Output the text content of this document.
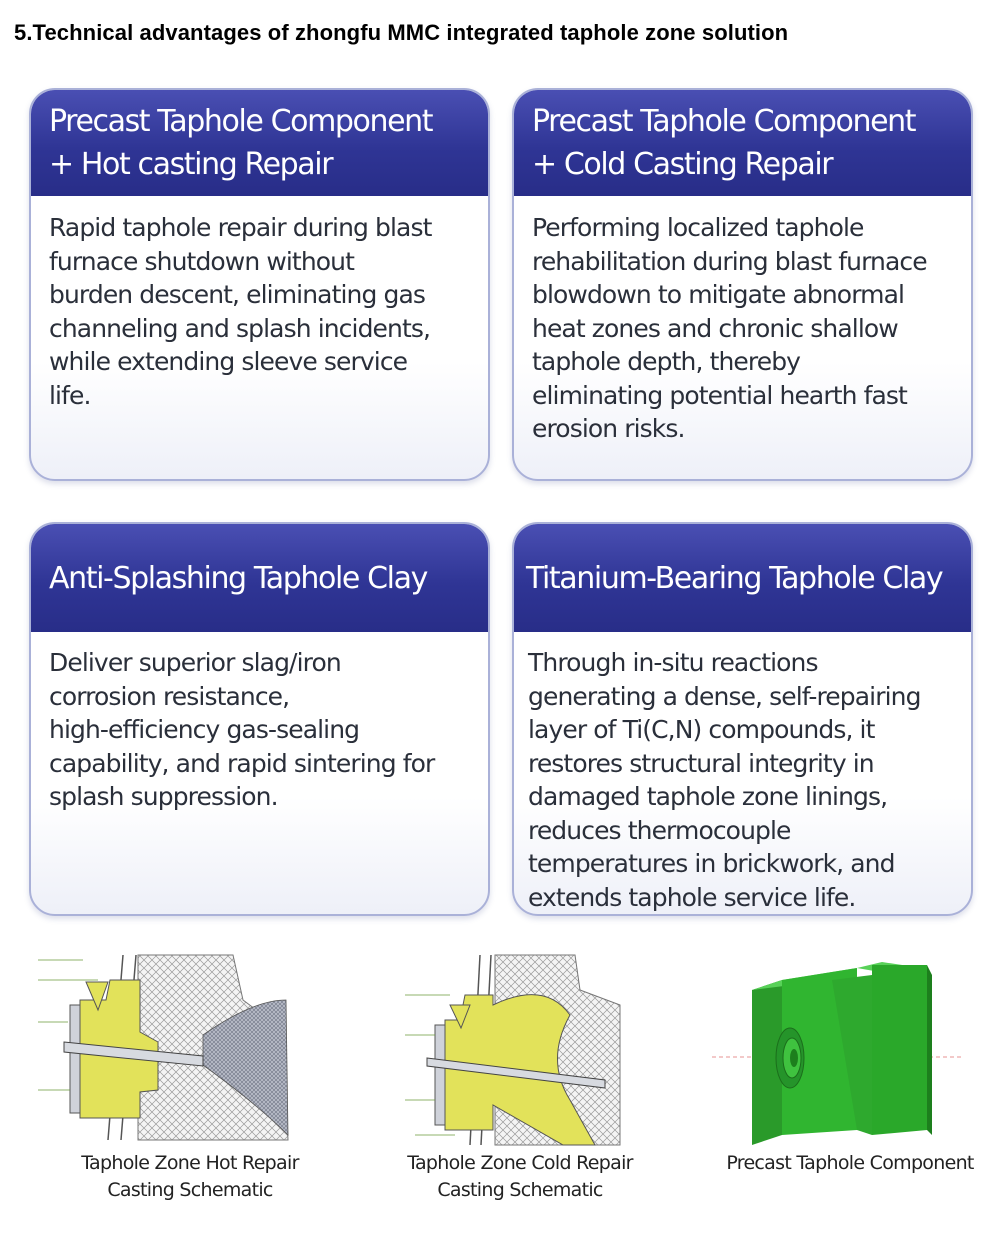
5.Technical advantages of zhongfu MMC integrated taphole zone solution
Precast Taphole Component
+ Hot casting Repair
Rapid taphole repair during blast
furnace shutdown without
burden descent, eliminating gas
channeling and splash incidents,
while extending sleeve service
life.
Precast Taphole Component
+ Cold Casting Repair
Performing localized taphole
rehabilitation during blast furnace
blowdown to mitigate abnormal
heat zones and chronic shallow
taphole depth, thereby
eliminating potential hearth fast
erosion risks.
Anti-Splashing Taphole Clay
Deliver superior slag/iron
corrosion resistance,
high-efficiency gas-sealing
capability, and rapid sintering for
splash suppression.
Titanium-Bearing Taphole Clay
Through in-situ reactions
generating a dense, self-repairing
layer of Ti(C,N) compounds, it
restores structural integrity in
damaged taphole zone linings,
reduces thermocouple
temperatures in brickwork, and
extends taphole service life.
Taphole Zone Hot Repair
Casting Schematic
Taphole Zone Cold Repair
Casting Schematic
Precast Taphole Component
